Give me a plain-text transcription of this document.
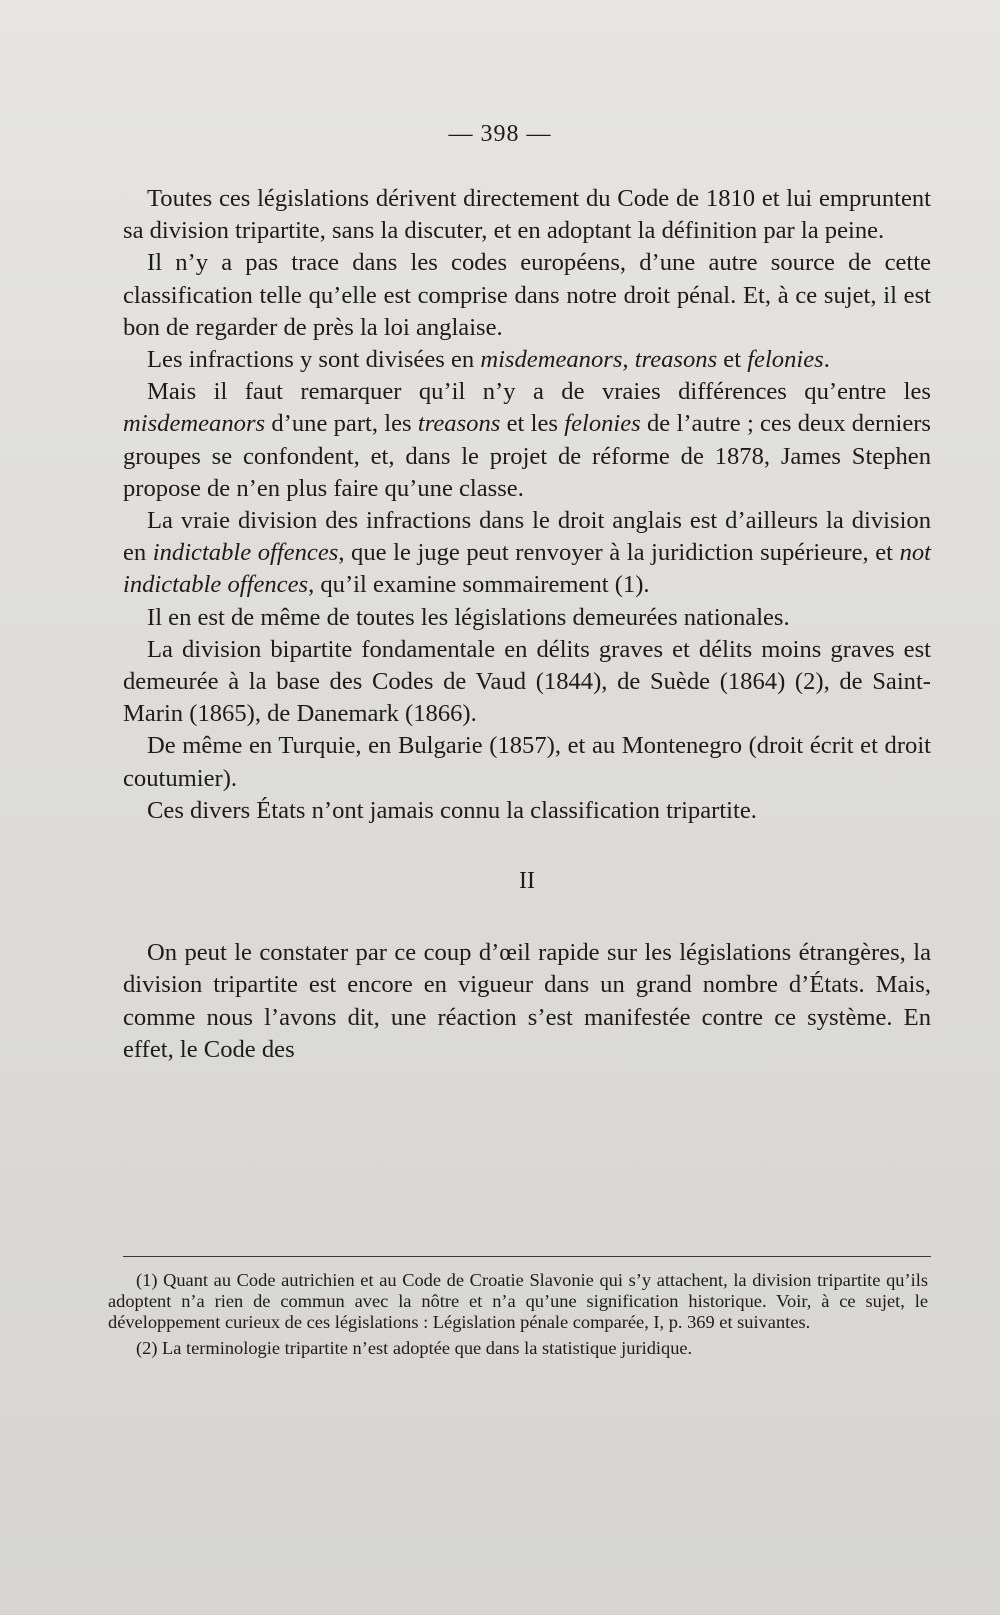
— 398 —

Toutes ces législations dérivent directement du Code de 1810 et lui empruntent sa division tripartite, sans la discuter, et en adoptant la définition par la peine.

Il n’y a pas trace dans les codes européens, d’une autre source de cette classification telle qu’elle est comprise dans notre droit pénal. Et, à ce sujet, il est bon de regarder de près la loi anglaise.

Les infractions y sont divisées en misdemeanors, treasons et felonies.

Mais il faut remarquer qu’il n’y a de vraies différences qu’entre les misdemeanors d’une part, les treasons et les felonies de l’autre ; ces deux derniers groupes se confondent, et, dans le projet de réforme de 1878, James Stephen propose de n’en plus faire qu’une classe.

La vraie division des infractions dans le droit anglais est d’ailleurs la division en indictable offences, que le juge peut renvoyer à la juridiction supérieure, et not indictable offences, qu’il examine sommairement (1).

Il en est de même de toutes les législations demeurées nationales.

La division bipartite fondamentale en délits graves et délits moins graves est demeurée à la base des Codes de Vaud (1844), de Suède (1864) (2), de Saint-Marin (1865), de Danemark (1866).

De même en Turquie, en Bulgarie (1857), et au Montenegro (droit écrit et droit coutumier).

Ces divers États n’ont jamais connu la classification tripartite.

II

On peut le constater par ce coup d’œil rapide sur les législations étrangères, la division tripartite est encore en vigueur dans un grand nombre d’États. Mais, comme nous l’avons dit, une réaction s’est manifestée contre ce système. En effet, le Code des

(1) Quant au Code autrichien et au Code de Croatie Slavonie qui s’y attachent, la division tripartite qu’ils adoptent n’a rien de commun avec la nôtre et n’a qu’une signification historique. Voir, à ce sujet, le développement curieux de ces législations : Législation pénale comparée, I, p. 369 et suivantes.

(2) La terminologie tripartite n’est adoptée que dans la statistique juridique.
